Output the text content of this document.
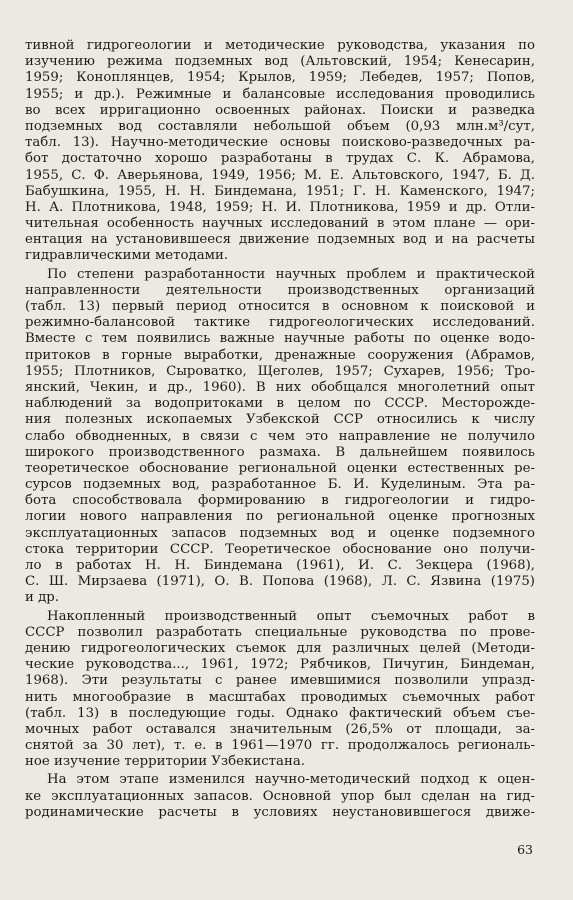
тивной гидрогеологии и методические руководства, указания по
изучению режима подземных вод (Альтовский, 1954; Кенесарин,
1959; Коноплянцев, 1954; Крылов, 1959; Лебедев, 1957; Попов,
1955; и др.). Режимные и балансовые исследования проводились
во всех ирригационно освоенных районах. Поиски и разведка
подземных вод составляли небольшой объем (0,93 млн.м³/сут,
табл. 13). Научно-методические основы поисково-разведочных ра-
бот достаточно хорошо разработаны в трудах С. К. Абрамова,
1955, С. Ф. Аверьянова, 1949, 1956; М. Е. Альтовского, 1947, Б. Д.
Бабушкина, 1955, Н. Н. Биндемана, 1951; Г. Н. Каменского, 1947;
Н. А. Плотникова, 1948, 1959; Н. И. Плотникова, 1959 и др. Отли-
чительная особенность научных исследований в этом плане — ори-
ентация на установившееся движение подземных вод и на расчеты
гидравлическими методами.
По степени разработанности научных проблем и практической
направленности деятельности производственных организаций
(табл. 13) первый период относится в основном к поисковой и
режимно-балансовой тактике гидрогеологических исследований.
Вместе с тем появились важные научные работы по оценке водо-
притоков в горные выработки, дренажные сооружения (Абрамов,
1955; Плотников, Сыроватко, Щеголев, 1957; Сухарев, 1956; Тро-
янский, Чекин, и др., 1960). В них обобщался многолетний опыт
наблюдений за водопритоками в целом по СССР. Месторожде-
ния полезных ископаемых Узбекской ССР относились к числу
слабо обводненных, в связи с чем это направление не получило
широкого производственного размаха. В дальнейшем появилось
теоретическое обоснование региональной оценки естественных ре-
сурсов подземных вод, разработанное Б. И. Куделиным. Эта ра-
бота способствовала формированию в гидрогеологии и гидро-
логии нового направления по региональной оценке прогнозных
эксплуатационных запасов подземных вод и оценке подземного
стока территории СССР. Теоретическое обоснование оно получи-
ло в работах Н. Н. Биндемана (1961), И. С. Зекцера (1968),
С. Ш. Мирзаева (1971), О. В. Попова (1968), Л. С. Язвина (1975)
и др.
Накопленный производственный опыт съемочных работ в
СССР позволил разработать специальные руководства по прове-
дению гидрогеологических съемок для различных целей (Методи-
ческие руководства..., 1961, 1972; Рябчиков, Пичугин, Биндеман,
1968). Эти результаты с ранее имевшимися позволили упразд-
нить многообразие в масштабах проводимых съемочных работ
(табл. 13) в последующие годы. Однако фактический объем съе-
мочных работ оставался значительным (26,5% от площади, за-
снятой за 30 лет), т. е. в 1961—1970 гг. продолжалось региональ-
ное изучение территории Узбекистана.
На этом этапе изменился научно-методический подход к оцен-
ке эксплуатационных запасов. Основной упор был сделан на гид-
родинамические расчеты в условиях неустановившегося движе-
63
